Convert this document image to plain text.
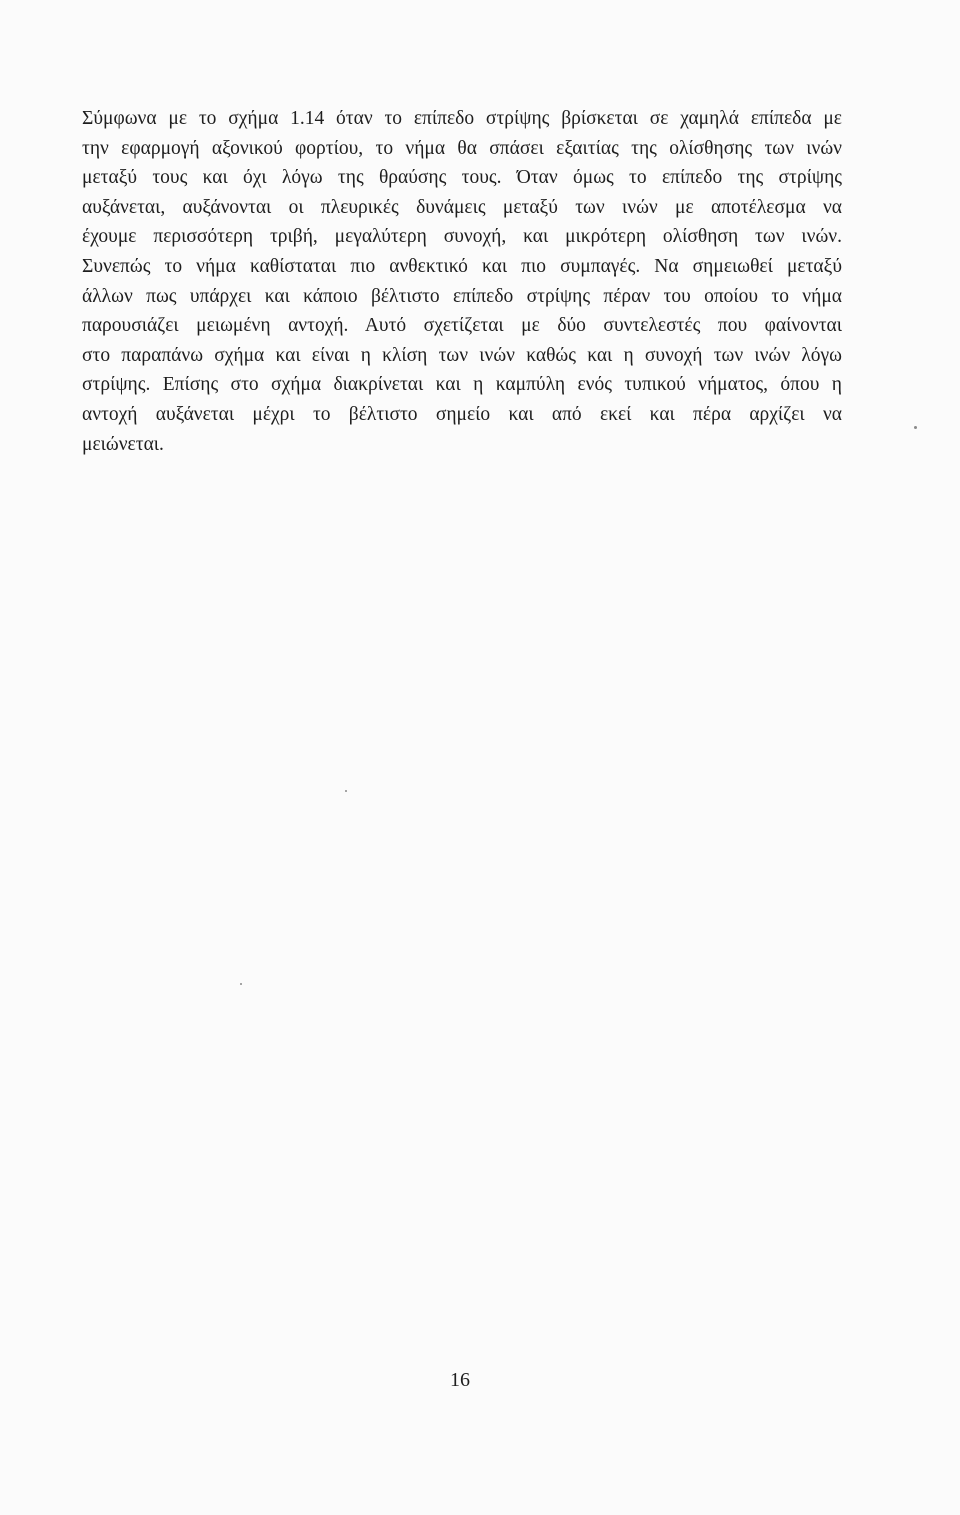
Σύμφωνα με το σχήμα 1.14 όταν το επίπεδο στρίψης βρίσκεται σε χαμηλά επίπεδα με
την εφαρμογή αξονικού φορτίου, το νήμα θα σπάσει εξαιτίας της ολίσθησης των ινών
μεταξύ τους και όχι λόγω της θραύσης τους. Όταν όμως το επίπεδο της στρίψης
αυξάνεται, αυξάνονται οι πλευρικές δυνάμεις μεταξύ των ινών με αποτέλεσμα να
έχουμε περισσότερη τριβή, μεγαλύτερη συνοχή, και μικρότερη ολίσθηση των ινών.
Συνεπώς το νήμα καθίσταται πιο ανθεκτικό και πιο συμπαγές. Να σημειωθεί μεταξύ
άλλων πως υπάρχει και κάποιο βέλτιστο επίπεδο στρίψης πέραν του οποίου το νήμα
παρουσιάζει μειωμένη αντοχή. Αυτό σχετίζεται με δύο συντελεστές που φαίνονται
στο παραπάνω σχήμα και είναι η κλίση των ινών καθώς και η συνοχή των ινών λόγω
στρίψης. Επίσης στο σχήμα διακρίνεται και η καμπύλη ενός τυπικού νήματος, όπου η
αντοχή αυξάνεται μέχρι το βέλτιστο σημείο και από εκεί και πέρα αρχίζει να
μειώνεται.
16
